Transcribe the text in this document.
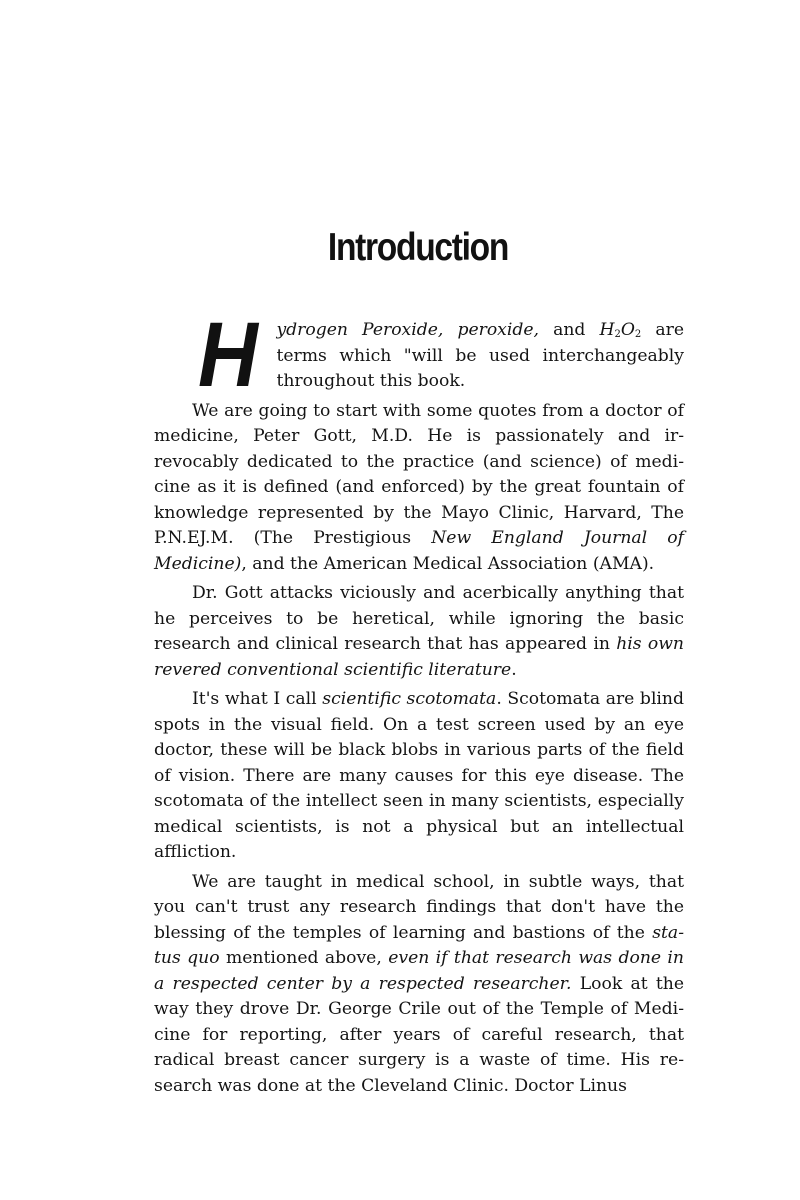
Introduction

H ydrogen Peroxide, peroxide, and $H_2O_2$ are terms which "will be used interchangeably throughout this book.

We are going to start with some quotes from a doctor of medicine, Peter Gott, M.D. He is passionately and irrevocably dedicated to the practice (and science) of medicine as it is defined (and enforced) by the great fountain of knowledge represented by the Mayo Clinic, Harvard, The P.N.EJ.M. (The Prestigious New England Journal of Medicine), and the American Medical Association (AMA).

Dr. Gott attacks viciously and acerbically anything that he perceives to be heretical, while ignoring the basic research and clinical research that has appeared in his own revered conventional scientific literature.

It's what I call scientific scotomata. Scotomata are blind spots in the visual field. On a test screen used by an eye doctor, these will be black blobs in various parts of the field of vision. There are many causes for this eye disease. The scotomata of the intellect seen in many scientists, especially medical scientists, is not a physical but an intellectual affliction.

We are taught in medical school, in subtle ways, that you can't trust any research findings that don't have the blessing of the temples of learning and bastions of the status quo mentioned above, even if that research was done in a respected center by a respected researcher. Look at the way they drove Dr. George Crile out of the Temple of Medicine for reporting, after years of careful research, that radical breast cancer surgery is a waste of time. His research was done at the Cleveland Clinic. Doctor Linus
